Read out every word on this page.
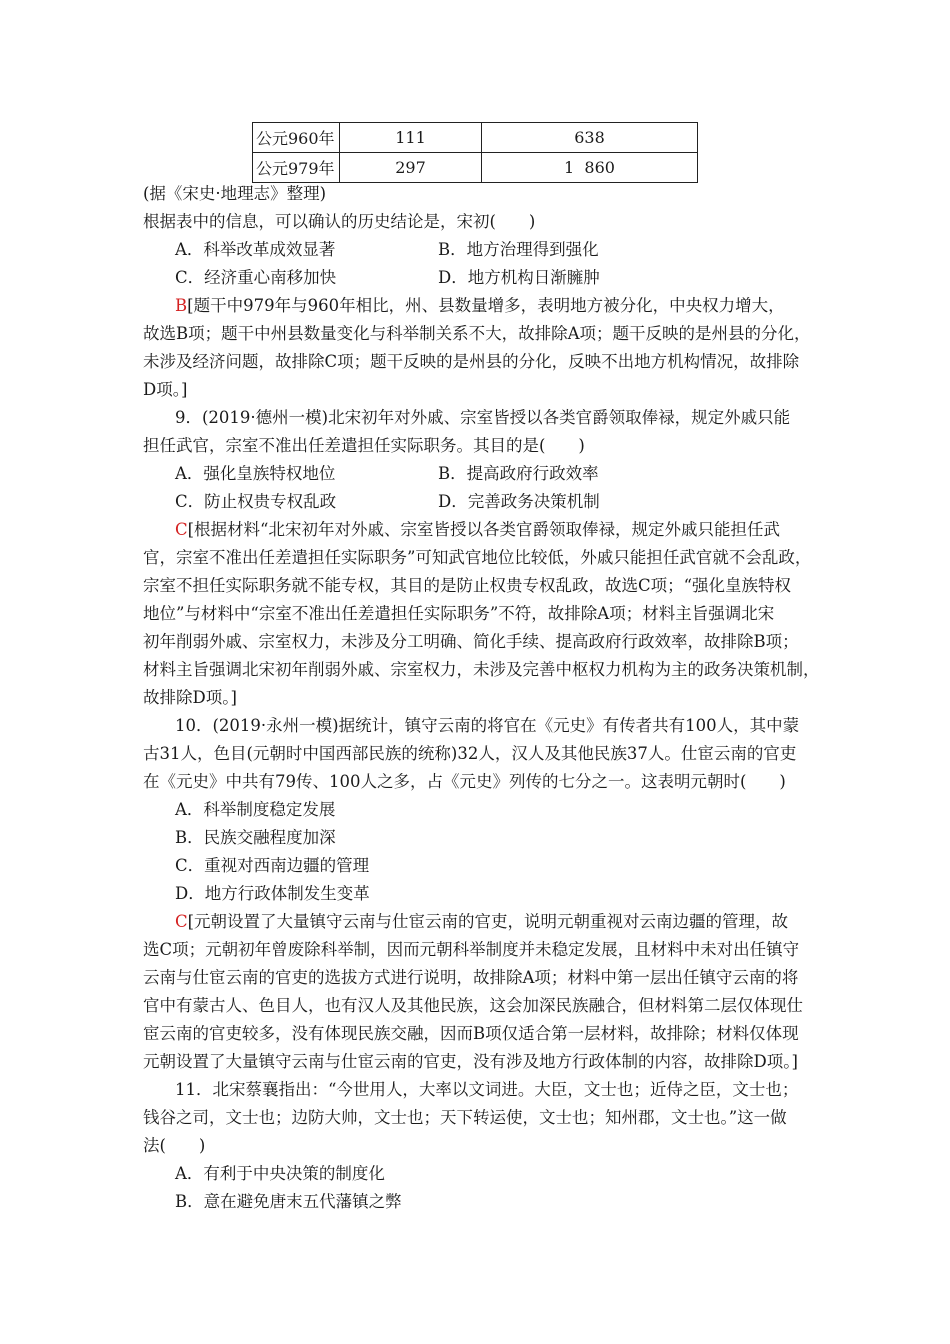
公元960年	111	638
公元979年	297	1  860
(据《宋史·地理志》整理)
根据表中的信息，可以确认的历史结论是，宋初(　　)
A．科举改革成效显著	B．地方治理得到强化
C．经济重心南移加快	D．地方机构日渐臃肿
B[题干中979年与960年相比，州、县数量增多，表明地方被分化，中央权力增大，
故选B项；题干中州县数量变化与科举制关系不大，故排除A项；题干反映的是州县的分化，
未涉及经济问题，故排除C项；题干反映的是州县的分化，反映不出地方机构情况，故排除
D项。]
9．(2019·德州一模)北宋初年对外戚、宗室皆授以各类官爵领取俸禄，规定外戚只能
担任武官，宗室不准出任差遣担任实际职务。其目的是(　　)
A．强化皇族特权地位	B．提高政府行政效率
C．防止权贵专权乱政	D．完善政务决策机制
C[根据材料“北宋初年对外戚、宗室皆授以各类官爵领取俸禄，规定外戚只能担任武
官，宗室不准出任差遣担任实际职务”可知武官地位比较低，外戚只能担任武官就不会乱政，
宗室不担任实际职务就不能专权，其目的是防止权贵专权乱政，故选C项；“强化皇族特权
地位”与材料中“宗室不准出任差遣担任实际职务”不符，故排除A项；材料主旨强调北宋
初年削弱外戚、宗室权力，未涉及分工明确、简化手续、提高政府行政效率，故排除B项；
材料主旨强调北宋初年削弱外戚、宗室权力，未涉及完善中枢权力机构为主的政务决策机制，
故排除D项。]
10．(2019·永州一模)据统计，镇守云南的将官在《元史》有传者共有100人，其中蒙
古31人，色目(元朝时中国西部民族的统称)32人，汉人及其他民族37人。仕宦云南的官吏
在《元史》中共有79传、100人之多，占《元史》列传的七分之一。这表明元朝时(　　)
A．科举制度稳定发展
B．民族交融程度加深
C．重视对西南边疆的管理
D．地方行政体制发生变革
C[元朝设置了大量镇守云南与仕宦云南的官吏，说明元朝重视对云南边疆的管理，故
选C项；元朝初年曾废除科举制，因而元朝科举制度并未稳定发展，且材料中未对出任镇守
云南与仕宦云南的官吏的选拔方式进行说明，故排除A项；材料中第一层出任镇守云南的将
官中有蒙古人、色目人，也有汉人及其他民族，这会加深民族融合，但材料第二层仅体现仕
宦云南的官吏较多，没有体现民族交融，因而B项仅适合第一层材料，故排除；材料仅体现
元朝设置了大量镇守云南与仕宦云南的官吏，没有涉及地方行政体制的内容，故排除D项。]
11．北宋蔡襄指出：“今世用人，大率以文词进。大臣，文士也；近侍之臣，文士也；
钱谷之司，文士也；边防大帅，文士也；天下转运使，文士也；知州郡，文士也。”这一做
法(　　)
A．有利于中央决策的制度化
B．意在避免唐末五代藩镇之弊
